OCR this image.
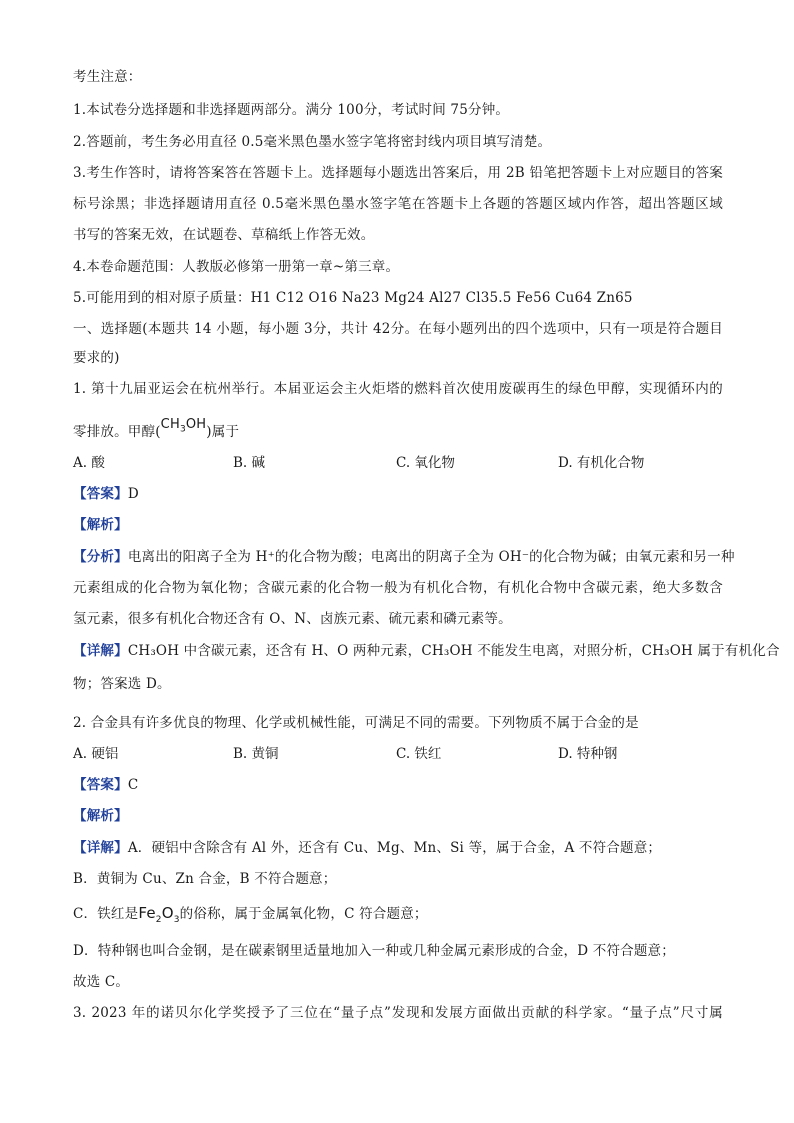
考生注意：
1.本试卷分选择题和非选择题两部分。满分 100分，考试时间 75分钟。
2.答题前，考生务必用直径 0.5毫米黑色墨水签字笔将密封线内项目填写清楚。
3.考生作答时，请将答案答在答题卡上。选择题每小题选出答案后，用 2B 铅笔把答题卡上对应题目的答案
标号涂黑；非选择题请用直径 0.5毫米黑色墨水签字笔在答题卡上各题的答题区域内作答，超出答题区域
书写的答案无效，在试题卷、草稿纸上作答无效。
4.本卷命题范围：人教版必修第一册第一章~第三章。
5.可能用到的相对原子质量：H1 C12 O16 Na23 Mg24 Al27 Cl35.5 Fe56 Cu64 Zn65
一、选择题(本题共 14 小题，每小题 3分，共计 42分。在每小题列出的四个选项中，只有一项是符合题目
要求的)
1. 第十九届亚运会在杭州举行。本届亚运会主火炬塔的燃料首次使用废碳再生的绿色甲醇，实现循环内的
零排放。甲醇$(CH_3OH)$属于
A. 酸	B. 碱	C. 氧化物	D. 有机化合物
【答案】D
【解析】
【分析】电离出的阳离子全为 H⁺的化合物为酸；电离出的阴离子全为 OH⁻的化合物为碱；由氧元素和另一种
元素组成的化合物为氧化物；含碳元素的化合物一般为有机化合物，有机化合物中含碳元素，绝大多数含
氢元素，很多有机化合物还含有 O、N、卤族元素、硫元素和磷元素等。
【详解】CH₃OH 中含碳元素，还含有 H、O 两种元素，CH₃OH 不能发生电离，对照分析，CH₃OH 属于有机化合
物；答案选 D。
2. 合金具有许多优良的物理、化学或机械性能，可满足不同的需要。下列物质不属于合金的是
A. 硬铝	B. 黄铜	C. 铁红	D. 特种钢
【答案】C
【解析】
【详解】A．硬铝中含除含有 Al 外，还含有 Cu、Mg、Mn、Si 等，属于合金，A 不符合题意；
B．黄铜为 Cu、Zn 合金，B 不符合题意；
C．铁红是$Fe_2O_3$的俗称，属于金属氧化物，C 符合题意；
D．特种钢也叫合金钢，是在碳素钢里适量地加入一种或几种金属元素形成的合金，D 不符合题意；
故选 C。
3. 2023 年的诺贝尔化学奖授予了三位在“量子点”发现和发展方面做出贡献的科学家。“量子点”尺寸属
